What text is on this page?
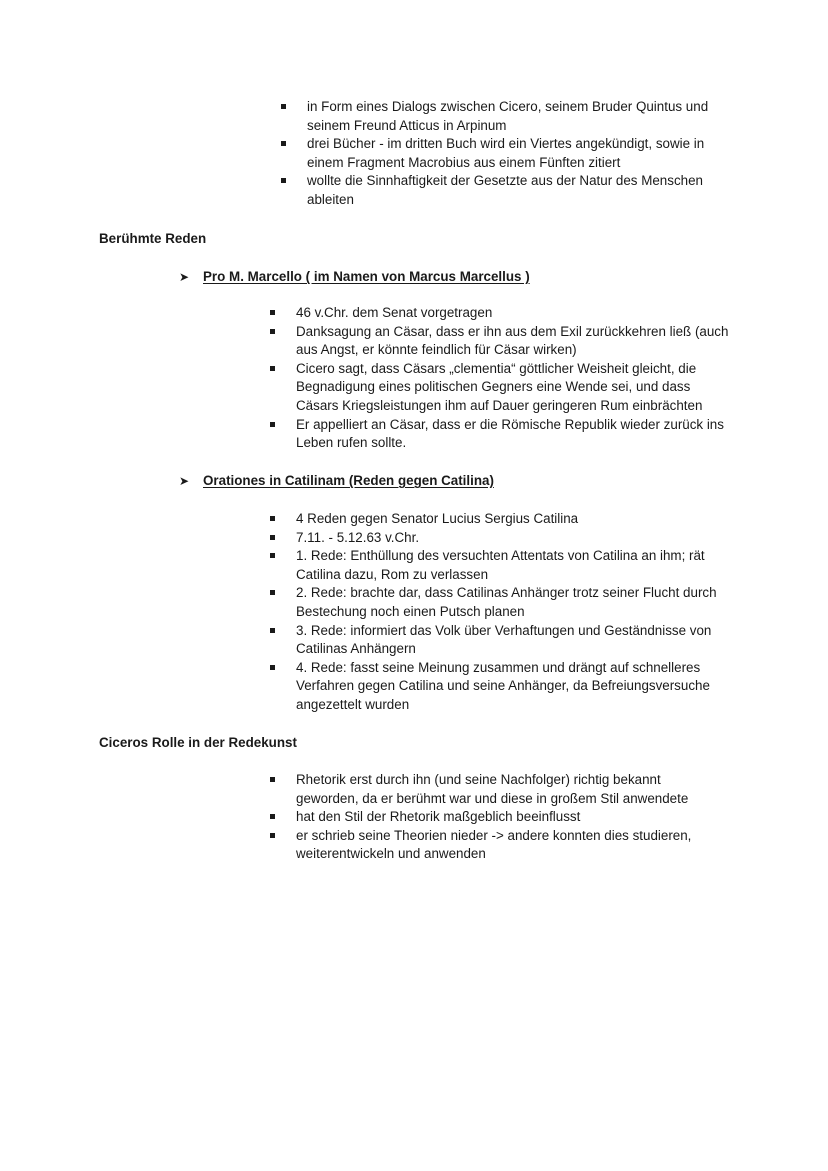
in Form eines Dialogs zwischen Cicero, seinem Bruder Quintus und seinem Freund Atticus in Arpinum
drei Bücher - im dritten Buch wird ein Viertes angekündigt, sowie in einem Fragment Macrobius aus einem Fünften zitiert
wollte die Sinnhaftigkeit der Gesetzte aus der Natur des Menschen ableiten
Berühmte Reden
➤ Pro M. Marcello ( im Namen von Marcus Marcellus )
46 v.Chr. dem Senat vorgetragen
Danksagung an Cäsar, dass er ihn aus dem Exil zurückkehren ließ (auch aus Angst, er könnte feindlich für Cäsar wirken)
Cicero sagt, dass Cäsars „clementia“ göttlicher Weisheit gleicht, die Begnadigung eines politischen Gegners eine Wende sei, und dass Cäsars Kriegsleistungen ihm auf Dauer geringeren Rum einbrächten
Er appelliert an Cäsar, dass er die Römische Republik wieder zurück ins Leben rufen sollte.
➤ Orationes in Catilinam (Reden gegen Catilina)
4 Reden gegen Senator Lucius Sergius Catilina
7.11. - 5.12.63 v.Chr.
1. Rede: Enthüllung des versuchten Attentats von Catilina an ihm; rät Catilina dazu, Rom zu verlassen
2. Rede: brachte dar, dass Catilinas Anhänger trotz seiner Flucht durch Bestechung noch einen Putsch planen
3. Rede: informiert das Volk über Verhaftungen und Geständnisse von Catilinas Anhängern
4. Rede: fasst seine Meinung zusammen und drängt auf schnelleres Verfahren gegen Catilina und seine Anhänger, da Befreiungsversuche angezettelt wurden
Ciceros Rolle in der Redekunst
Rhetorik erst durch ihn (und seine Nachfolger) richtig bekannt geworden, da er berühmt war und diese in großem Stil anwendete
hat den Stil der Rhetorik maßgeblich beeinflusst
er schrieb seine Theorien nieder -> andere konnten dies studieren, weiterentwickeln und anwenden
